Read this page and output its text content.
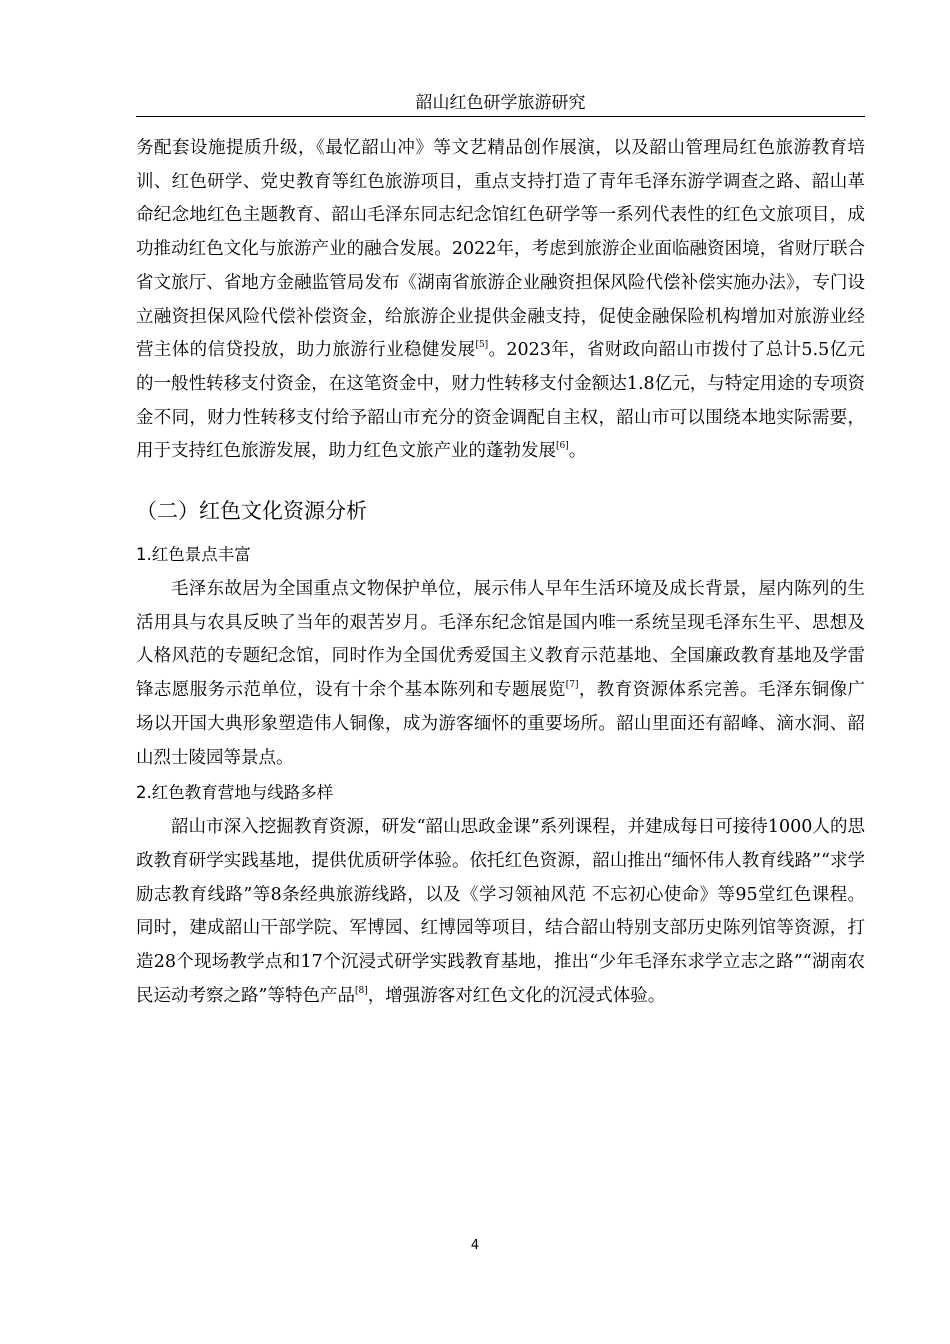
韶山红色研学旅游研究

务配套设施提质升级，《最忆韶山冲》等文艺精品创作展演，以及韶山管理局红色旅游教育培训、红色研学、党史教育等红色旅游项目，重点支持打造了青年毛泽东游学调查之路、韶山革命纪念地红色主题教育、韶山毛泽东同志纪念馆红色研学等一系列代表性的红色文旅项目，成功推动红色文化与旅游产业的融合发展。2022年，考虑到旅游企业面临融资困境，省财厅联合省文旅厅、省地方金融监管局发布《湖南省旅游企业融资担保风险代偿补偿实施办法》，专门设立融资担保风险代偿补偿资金，给旅游企业提供金融支持，促使金融保险机构增加对旅游业经营主体的信贷投放，助力旅游行业稳健发展[5]。2023年，省财政向韶山市拨付了总计5.5亿元的一般性转移支付资金，在这笔资金中，财力性转移支付金额达1.8亿元，与特定用途的专项资金不同，财力性转移支付给予韶山市充分的资金调配自主权，韶山市可以围绕本地实际需要，用于支持红色旅游发展，助力红色文旅产业的蓬勃发展[6]。

（二）红色文化资源分析
1.红色景点丰富

毛泽东故居为全国重点文物保护单位，展示伟人早年生活环境及成长背景，屋内陈列的生活用具与农具反映了当年的艰苦岁月。毛泽东纪念馆是国内唯一系统呈现毛泽东生平、思想及人格风范的专题纪念馆，同时作为全国优秀爱国主义教育示范基地、全国廉政教育基地及学雷锋志愿服务示范单位，设有十余个基本陈列和专题展览[7]，教育资源体系完善。毛泽东铜像广场以开国大典形象塑造伟人铜像，成为游客缅怀的重要场所。韶山里面还有韶峰、滴水洞、韶山烈士陵园等景点。

2.红色教育营地与线路多样

韶山市深入挖掘教育资源，研发“韶山思政金课”系列课程，并建成每日可接待1000人的思政教育研学实践基地，提供优质研学体验。依托红色资源，韶山推出“缅怀伟人教育线路”“求学励志教育线路”等8条经典旅游线路，以及《学习领袖风范 不忘初心使命》等95堂红色课程。同时，建成韶山干部学院、军博园、红博园等项目，结合韶山特别支部历史陈列馆等资源，打造28个现场教学点和17个沉浸式研学实践教育基地，推出“少年毛泽东求学立志之路”“湖南农民运动考察之路”等特色产品[8]，增强游客对红色文化的沉浸式体验。

4
